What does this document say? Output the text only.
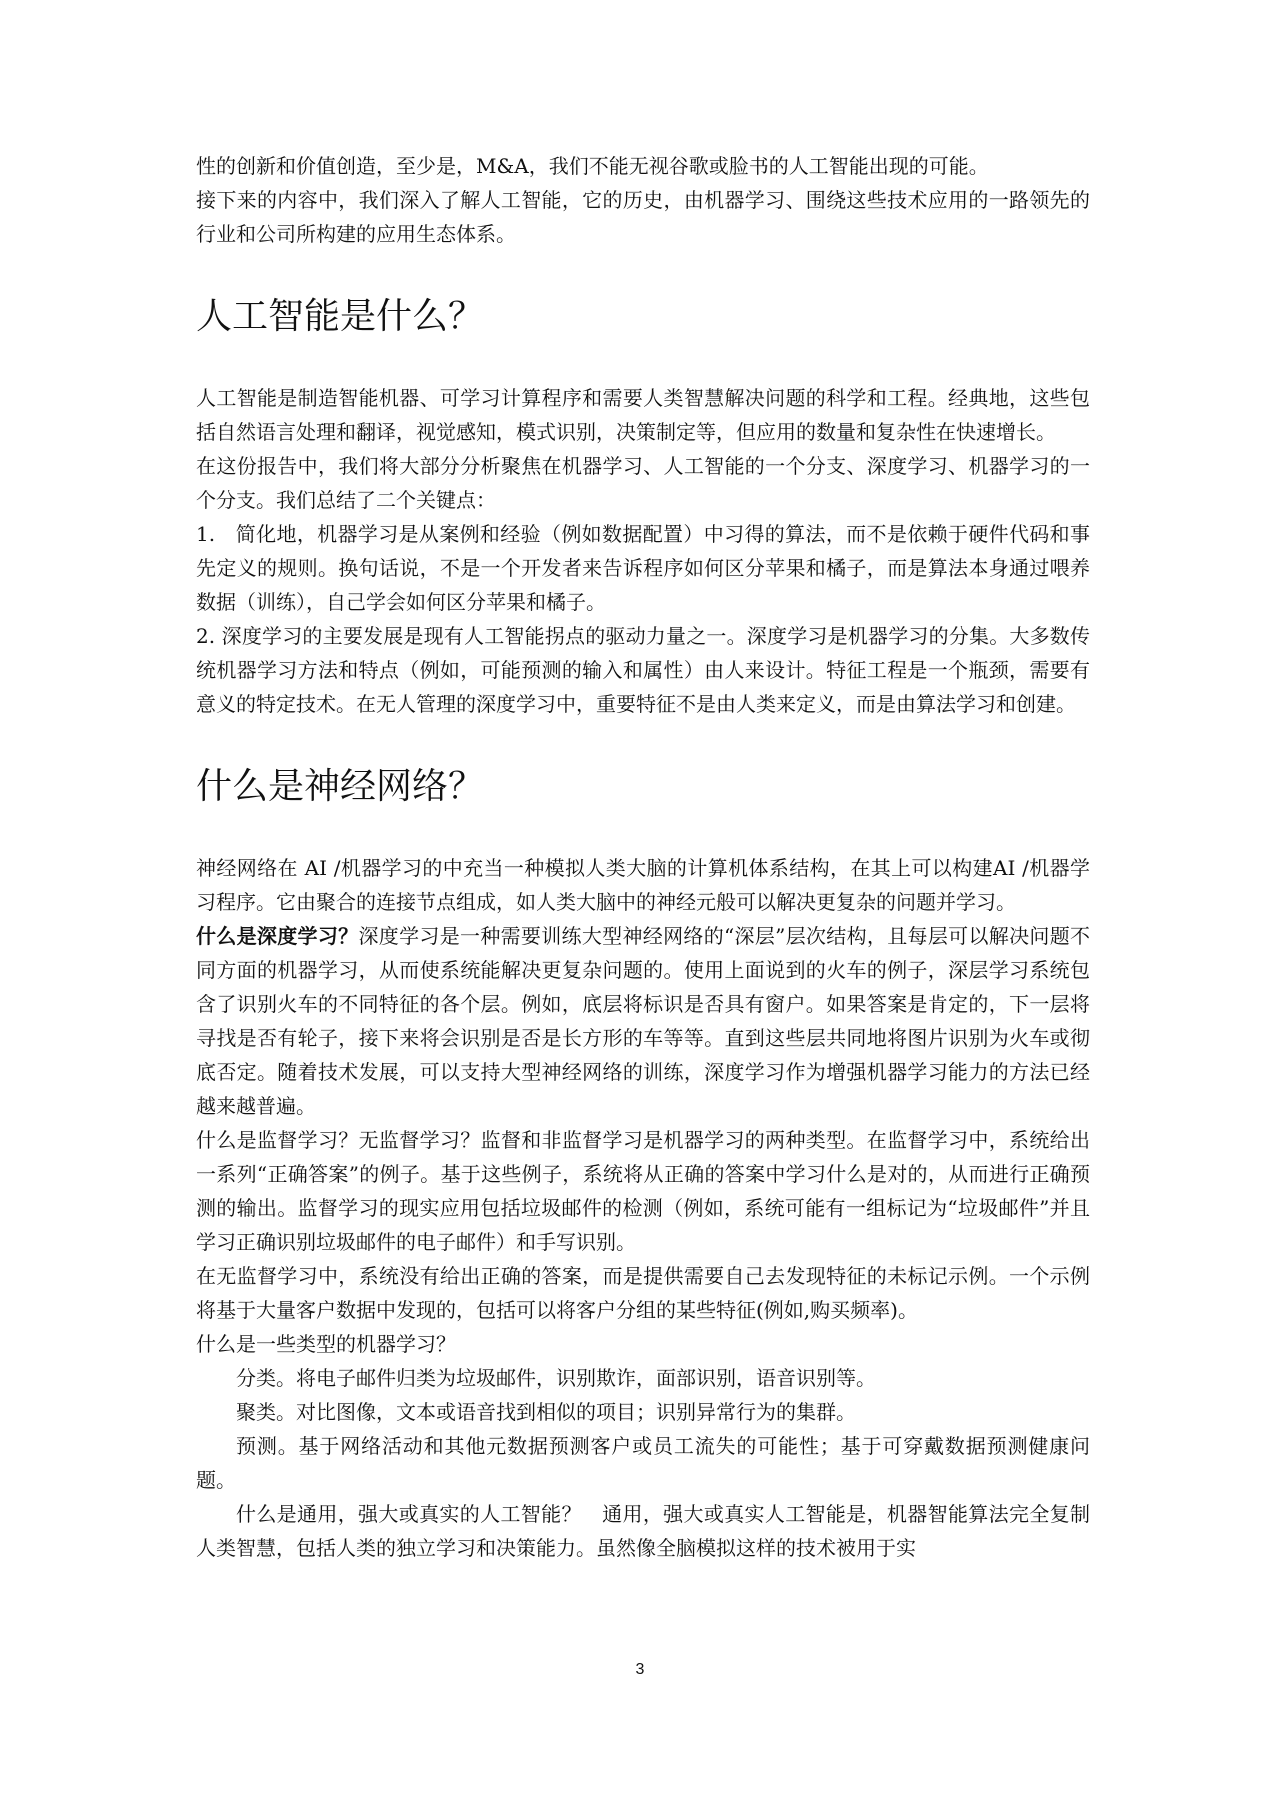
性的创新和价值创造，至少是，M&A，我们不能无视谷歌或脸书的人工智能出现的可能。

接下来的内容中，我们深入了解人工智能，它的历史，由机器学习、围绕这些技术应用的一路领先的行业和公司所构建的应用生态体系。

人工智能是什么？

人工智能是制造智能机器、可学习计算程序和需要人类智慧解决问题的科学和工程。经典地，这些包括自然语言处理和翻译，视觉感知，模式识别，决策制定等，但应用的数量和复杂性在快速增长。

在这份报告中，我们将大部分分析聚焦在机器学习、人工智能的一个分支、深度学习、机器学习的一个分支。我们总结了二个关键点：

1.　简化地，机器学习是从案例和经验（例如数据配置）中习得的算法，而不是依赖于硬件代码和事先定义的规则。换句话说，不是一个开发者来告诉程序如何区分苹果和橘子，而是算法本身通过喂养数据（训练），自己学会如何区分苹果和橘子。

2. 深度学习的主要发展是现有人工智能拐点的驱动力量之一。深度学习是机器学习的分集。大多数传统机器学习方法和特点（例如，可能预测的输入和属性）由人来设计。特征工程是一个瓶颈，需要有意义的特定技术。在无人管理的深度学习中，重要特征不是由人类来定义，而是由算法学习和创建。

什么是神经网络？

神经网络在 AI /机器学习的中充当一种模拟人类大脑的计算机体系结构，在其上可以构建AI /机器学习程序。它由聚合的连接节点组成，如人类大脑中的神经元般可以解决更复杂的问题并学习。

什么是深度学习？深度学习是一种需要训练大型神经网络的“深层”层次结构，且每层可以解决问题不同方面的机器学习，从而使系统能解决更复杂问题的。使用上面说到的火车的例子，深层学习系统包含了识别火车的不同特征的各个层。例如，底层将标识是否具有窗户。如果答案是肯定的，下一层将寻找是否有轮子，接下来将会识别是否是长方形的车等等。直到这些层共同地将图片识别为火车或彻底否定。随着技术发展，可以支持大型神经网络的训练，深度学习作为增强机器学习能力的方法已经越来越普遍。

什么是监督学习？无监督学习？监督和非监督学习是机器学习的两种类型。在监督学习中，系统给出一系列“正确答案”的例子。基于这些例子，系统将从正确的答案中学习什么是对的，从而进行正确预测的输出。监督学习的现实应用包括垃圾邮件的检测（例如，系统可能有一组标记为“垃圾邮件”并且学习正确识别垃圾邮件的电子邮件）和手写识别。

在无监督学习中，系统没有给出正确的答案，而是提供需要自己去发现特征的未标记示例。一个示例将基于大量客户数据中发现的，包括可以将客户分组的某些特征(例如,购买频率)。

什么是一些类型的机器学习？

分类。将电子邮件归类为垃圾邮件，识别欺诈，面部识别，语音识别等。

聚类。对比图像，文本或语音找到相似的项目；识别异常行为的集群。

预测。基于网络活动和其他元数据预测客户或员工流失的可能性；基于可穿戴数据预测健康问题。

什么是通用，强大或真实的人工智能？　通用，强大或真实人工智能是，机器智能算法完全复制人类智慧，包括人类的独立学习和决策能力。虽然像全脑模拟这样的技术被用于实

3
